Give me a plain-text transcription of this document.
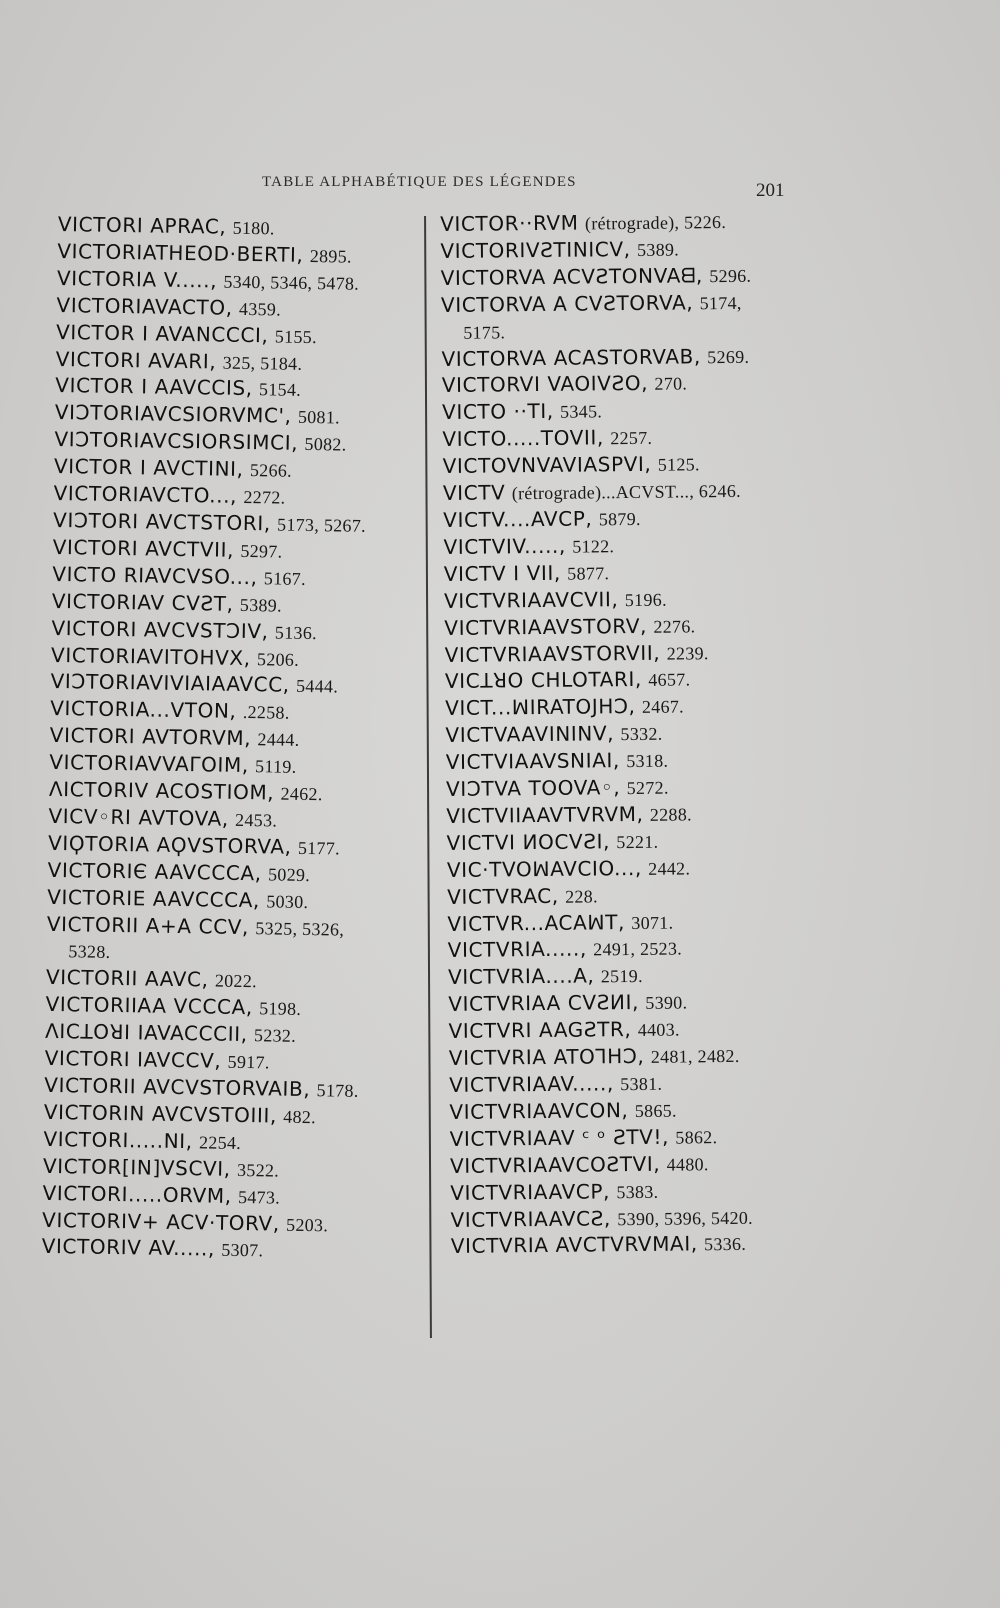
TABLE ALPHABÉTIQUE DES LÉGENDES	201
VICTORI APRAC, 5180.
VICTORIATHEOD·BERTI, 2895.
VICTORIA V....., 5340, 5346, 5478.
VICTORIAVACTO, 4359.
VICTOR I AVANCCCI, 5155.
VICTORI AVARI, 325, 5184.
VICTOR I AAVCCIS, 5154.
VIϽTORIAVCSIORVMC', 5081.
VIϽTORIAVCSIORSIMCI, 5082.
VICTOR I AVCTINI, 5266.
VICTORIAVCTO..., 2272.
VIϽTORI AVCTSTORI, 5173, 5267.
VICTORI AVCTVII, 5297.
VICTO RIAVCVSO..., 5167.
VICTORIAV CVƧT, 5389.
VICTORI AVCVSTϽIV, 5136.
VICTORIAVITOHVX, 5206.
VIϽTORIAVIVIAIAAVCC, 5444.
VICTORIA...VTON, .2258.
VICTORI AVTORVM, 2444.
VICTORIAVVAΓOIM, 5119.
ΛICTORIV ACOSTIOM, 2462.
VICV◦RI AVTOVA, 2453.
VIϘTORIA AϘVSTORVA, 5177.
VICTORIЄ AAVCCCA, 5029.
VICTORIE AAVCCCA, 5030.
VICTORII A+A CCV, 5325, 5326,
5328.
VICTORII AAVC, 2022.
VICTORIIAA VCCCA, 5198.
ΛICꓕOꓤI IAVACCCII, 5232.
VICTORI IAVCCV, 5917.
VICTORII AVCVSTORVAIB, 5178.
VICTORIN AVCVSTOIII, 482.
VICTORI.....NI, 2254.
VICTOR[IN]VSCVI, 3522.
VICTORI.....ORVM, 5473.
VICTORIV+ ACV·TORV, 5203.
VICTORIV AV....., 5307.
VICTOR··RVM (rétrograde), 5226.
VICTORIVƧTINICV, 5389.
VICTORVA ACVƧTONVAᗺ, 5296.
VICTORVA A CVƧTORVA, 5174,
5175.
VICTORVA ACASTORVAB, 5269.
VICTORVI VAOIVƧO, 270.
VICTO ··TI, 5345.
VICTO.....TOVII, 2257.
VICTOVNVAVIASPVI, 5125.
VICTV (rétrograde)...ACVST..., 6246.
VICTV....AVCP, 5879.
VICTVIV....., 5122.
VICTV I VII, 5877.
VICTVRIAAVCVII, 5196.
VICTVRIAAVSTORV, 2276.
VICTVRIAAVSTORVII, 2239.
VICꓕꓤO CHLOTARI, 4657.
VICT...ꟽIRATOJHϽ, 2467.
VICTVAAVININV, 5332.
VICTVIAAVSNIAI, 5318.
VIϽTVA TOOVA◦, 5272.
VICTVIIAAVTVRVM, 2288.
VICTVI ИOCVƧI, 5221.
VIC·TVOꟽAVCIO..., 2442.
VICTVRAC, 228.
VICTVR...ACAꟽT, 3071.
VICTVRIA....., 2491, 2523.
VICTVRIA....A, 2519.
VICTVRIAA CVƧИI, 5390.
VICTVRI AAGƧTR, 4403.
VICTVRIA ATOꓶHϽ, 2481, 2482.
VICTVRIAAV....., 5381.
VICTVRIAAVCON, 5865.
VICTVRIAAV ᶜ ᵒ ƧTV!, 5862.
VICTVRIAAVCOƧTVI, 4480.
VICTVRIAAVCP, 5383.
VICTVRIAAVCƧ, 5390, 5396, 5420.
VICTVRIA AVCTVRVMAI, 5336.
